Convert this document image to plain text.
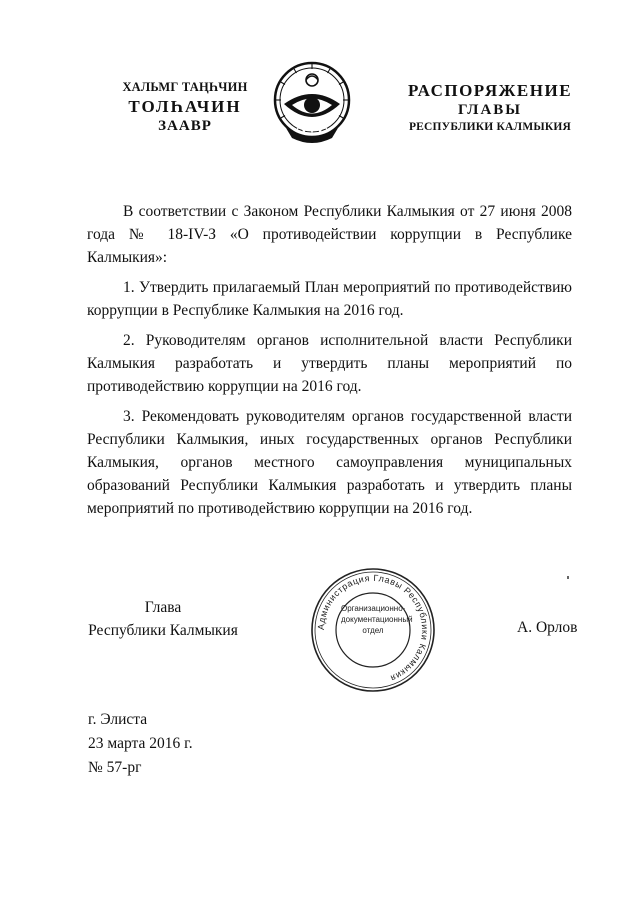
ХАЛЬМГ ТАҢҺЧИН
ТОЛҺАЧИН
ЗААВР
РАСПОРЯЖЕНИЕ
ГЛАВЫ
РЕСПУБЛИКИ КАЛМЫКИЯ

В соответствии с Законом Республики Калмыкия от 27 июня 2008 года № 18-IV-З «О противодействии коррупции в Республике Калмыкия»:

1. Утвердить прилагаемый План мероприятий по противодействию коррупции в Республике Калмыкия на 2016 год.

2. Руководителям органов исполнительной власти Республики Калмыкия разработать и утвердить планы мероприятий по противодействию коррупции на 2016 год.

3. Рекомендовать руководителям органов государственной власти Республики Калмыкия, иных государственных органов Республики Калмыкия, органов местного самоуправления муниципальных образований Республики Калмыкия разработать и утвердить планы мероприятий по противодействию коррупции на 2016 год.

Глава
Республики Калмыкия	Администрация Главы Республики Калмыкия
Организационно-
документационный
отдел	А. Орлов
г. Элиста
23 марта 2016 г.
№ 57-рг
